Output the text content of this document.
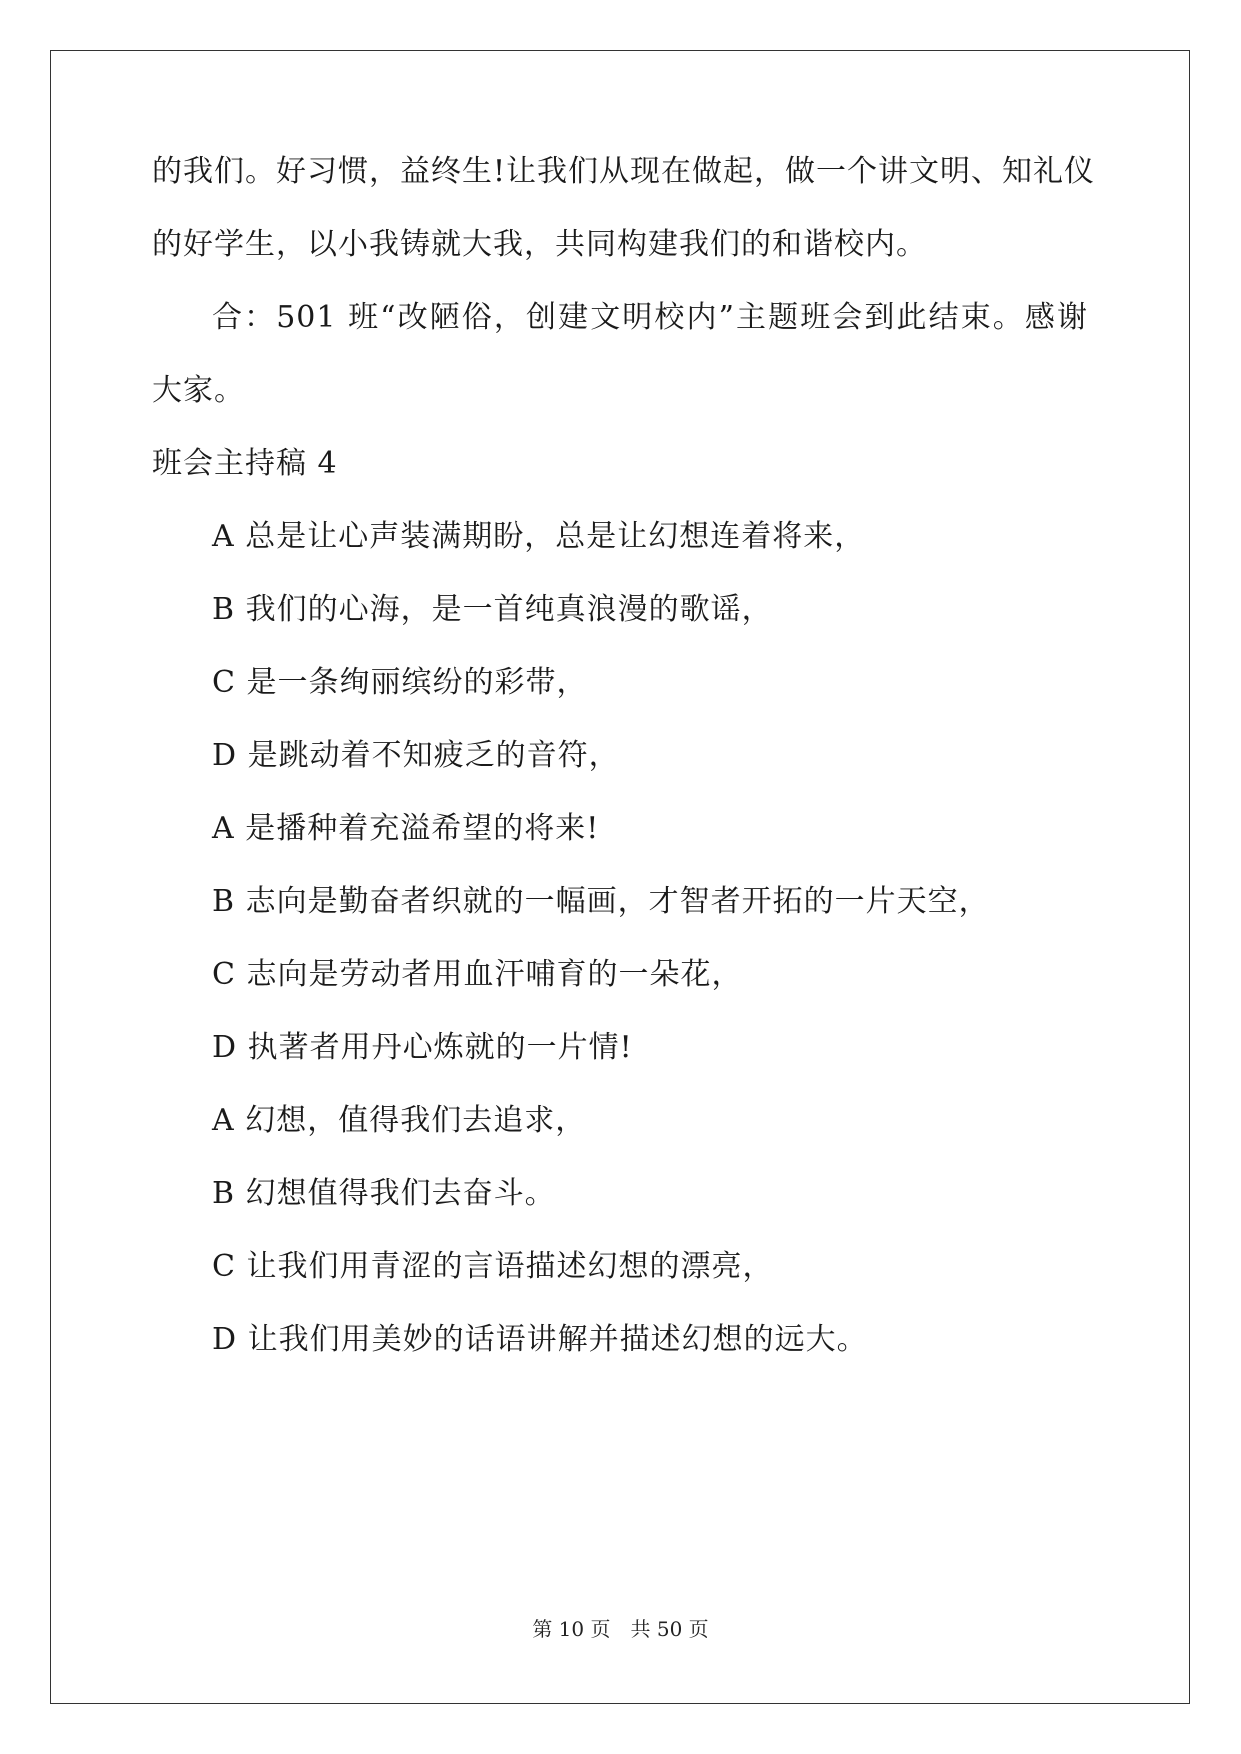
的我们。好习惯，益终生!让我们从现在做起，做一个讲文明、知礼仪
的好学生，以小我铸就大我，共同构建我们的和谐校内。
合：501 班“改陋俗，创建文明校内”主题班会到此结束。感谢
大家。
班会主持稿 4
A 总是让心声装满期盼，总是让幻想连着将来，
B 我们的心海，是一首纯真浪漫的歌谣，
C 是一条绚丽缤纷的彩带，
D 是跳动着不知疲乏的音符，
A 是播种着充溢希望的将来!
B 志向是勤奋者织就的一幅画，才智者开拓的一片天空，
C 志向是劳动者用血汗哺育的一朵花，
D 执著者用丹心炼就的一片情!
A 幻想，值得我们去追求，
B 幻想值得我们去奋斗。
C 让我们用青涩的言语描述幻想的漂亮，
D 让我们用美妙的话语讲解并描述幻想的远大。
第 10 页 共 50 页
